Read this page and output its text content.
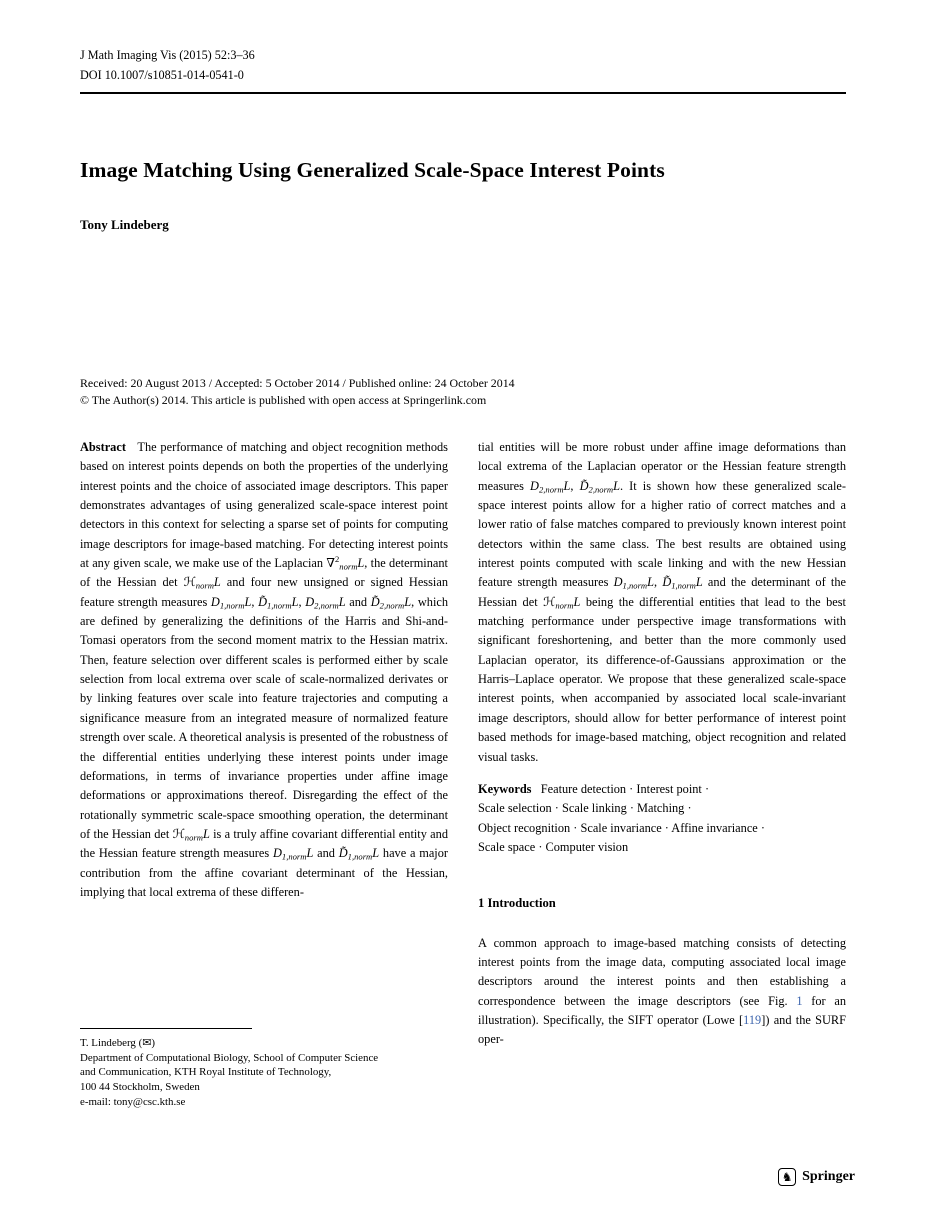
J Math Imaging Vis (2015) 52:3–36
DOI 10.1007/s10851-014-0541-0
Image Matching Using Generalized Scale-Space Interest Points
Tony Lindeberg
Received: 20 August 2013 / Accepted: 5 October 2014 / Published online: 24 October 2014
© The Author(s) 2014. This article is published with open access at Springerlink.com

Abstract   The performance of matching and object recognition methods based on interest points depends on both the properties of the underlying interest points and the choice of associated image descriptors. This paper demonstrates advantages of using generalized scale-space interest point detectors in this context for selecting a sparse set of points for computing image descriptors for image-based matching. For detecting interest points at any given scale, we make use of the Laplacian ∇$^2_{norm}$L, the determinant of the Hessian det ℋ$_{norm}$L and four new unsigned or signed Hessian feature strength measures $D_{1,norm}L$, $D̃_{1,norm}L$, $D_{2,norm}L$ and $D̃_{2,norm}L$, which are defined by generalizing the definitions of the Harris and Shi-and-Tomasi operators from the second moment matrix to the Hessian matrix. Then, feature selection over different scales is performed either by scale selection from local extrema over scale of scale-normalized derivates or by linking features over scale into feature trajectories and computing a significance measure from an integrated measure of normalized feature strength over scale. A theoretical analysis is presented of the robustness of the differential entities underlying these interest points under image deformations, in terms of invariance properties under affine image deformations or approximations thereof. Disregarding the effect of the rotationally symmetric scale-space smoothing operation, the determinant of the Hessian det ℋ$_{norm}$L is a truly affine covariant differential entity and the Hessian feature strength measures $D_{1,norm}L$ and $D̃_{1,norm}L$ have a major contribution from the affine covariant determinant of the Hessian, implying that local extrema of these differen-

tial entities will be more robust under affine image deformations than local extrema of the Laplacian operator or the Hessian feature strength measures $D_{2,norm}L$, $D̃_{2,norm}L$. It is shown how these generalized scale-space interest points allow for a higher ratio of correct matches and a lower ratio of false matches compared to previously known interest point detectors within the same class. The best results are obtained using interest points computed with scale linking and with the new Hessian feature strength measures $D_{1,norm}L$, $D̃_{1,norm}L$ and the determinant of the Hessian det ℋ$_{norm}$L being the differential entities that lead to the best matching performance under perspective image transformations with significant foreshortening, and better than the more commonly used Laplacian operator, its difference-of-Gaussians approximation or the Harris–Laplace operator. We propose that these generalized scale-space interest points, when accompanied by associated local scale-invariant image descriptors, should allow for better performance of interest point based methods for image-based matching, object recognition and related visual tasks.

Keywords   Feature detection · Interest point ·
Scale selection · Scale linking · Matching ·
Object recognition · Scale invariance · Affine invariance ·
Scale space · Computer vision

1 Introduction

A common approach to image-based matching consists of detecting interest points from the image data, computing associated local image descriptors around the interest points and then establishing a correspondence between the image descriptors (see Fig. 1 for an illustration). Specifically, the SIFT operator (Lowe [119]) and the SURF oper-

T. Lindeberg (✉)
Department of Computational Biology, School of Computer Science
and Communication, KTH Royal Institute of Technology,
100 44 Stockholm, Sweden
e-mail: tony@csc.kth.se
♞ Springer
